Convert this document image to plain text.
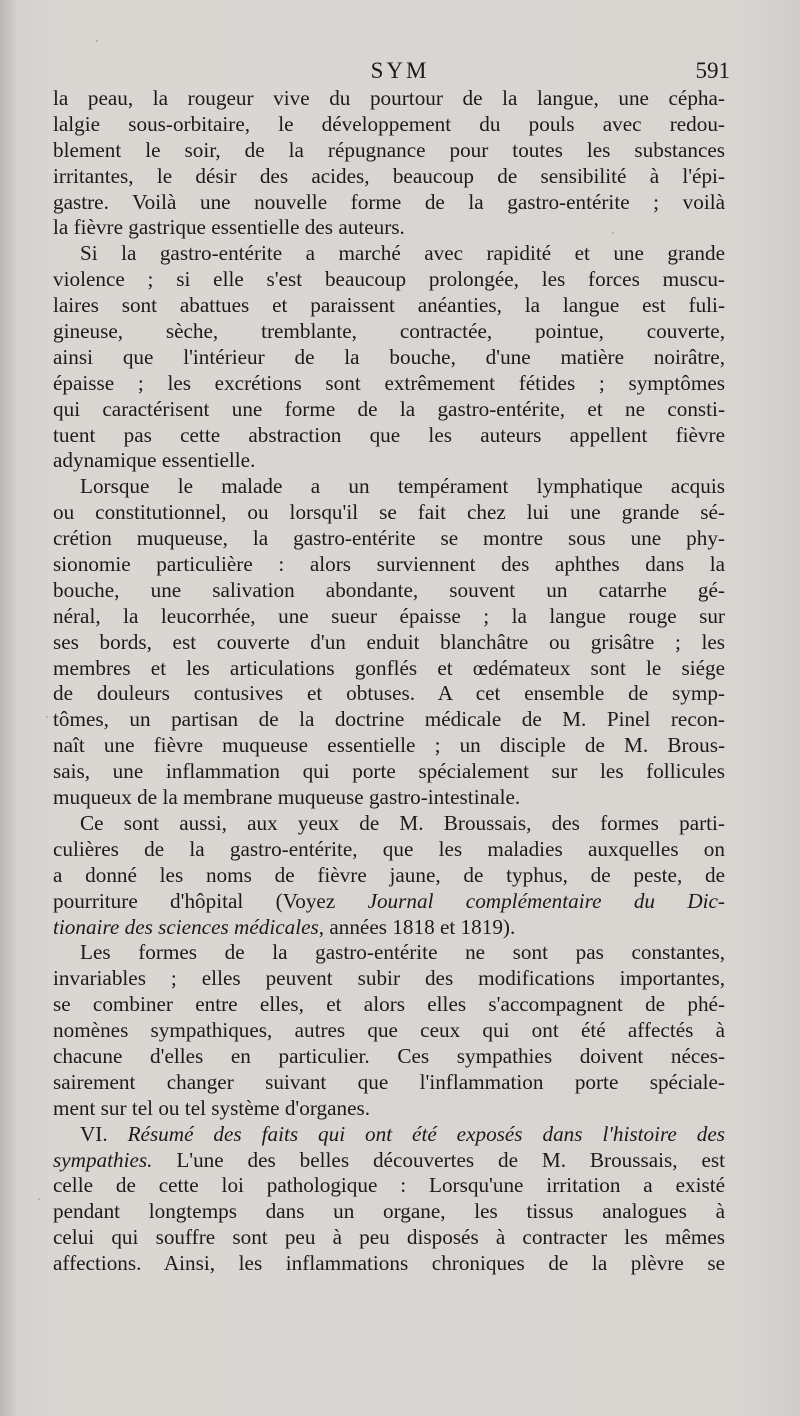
SYM	591
la peau, la rougeur vive du pourtour de la langue, une cépha-
lalgie sous-orbitaire, le développement du pouls avec redou-
blement le soir, de la répugnance pour toutes les substances
irritantes, le désir des acides, beaucoup de sensibilité à l'épi-
gastre. Voilà une nouvelle forme de la gastro-entérite ; voilà
la fièvre gastrique essentielle des auteurs.
Si la gastro-entérite a marché avec rapidité et une grande
violence ; si elle s'est beaucoup prolongée, les forces muscu-
laires sont abattues et paraissent anéanties, la langue est fuli-
gineuse, sèche, tremblante, contractée, pointue, couverte,
ainsi que l'intérieur de la bouche, d'une matière noirâtre,
épaisse ; les excrétions sont extrêmement fétides ; symptômes
qui caractérisent une forme de la gastro-entérite, et ne consti-
tuent pas cette abstraction que les auteurs appellent fièvre
adynamique essentielle.
Lorsque le malade a un tempérament lymphatique acquis
ou constitutionnel, ou lorsqu'il se fait chez lui une grande sé-
crétion muqueuse, la gastro-entérite se montre sous une phy-
sionomie particulière : alors surviennent des aphthes dans la
bouche, une salivation abondante, souvent un catarrhe gé-
néral, la leucorrhée, une sueur épaisse ; la langue rouge sur
ses bords, est couverte d'un enduit blanchâtre ou grisâtre ; les
membres et les articulations gonflés et œdémateux sont le siége
de douleurs contusives et obtuses. A cet ensemble de symp-
tômes, un partisan de la doctrine médicale de M. Pinel recon-
naît une fièvre muqueuse essentielle ; un disciple de M. Brous-
sais, une inflammation qui porte spécialement sur les follicules
muqueux de la membrane muqueuse gastro-intestinale.
Ce sont aussi, aux yeux de M. Broussais, des formes parti-
culières de la gastro-entérite, que les maladies auxquelles on
a donné les noms de fièvre jaune, de typhus, de peste, de
pourriture d'hôpital (Voyez Journal complémentaire du Dic-
tionaire des sciences médicales, années 1818 et 1819).
Les formes de la gastro-entérite ne sont pas constantes,
invariables ; elles peuvent subir des modifications importantes,
se combiner entre elles, et alors elles s'accompagnent de phé-
nomènes sympathiques, autres que ceux qui ont été affectés à
chacune d'elles en particulier. Ces sympathies doivent néces-
sairement changer suivant que l'inflammation porte spéciale-
ment sur tel ou tel système d'organes.
VI. Résumé des faits qui ont été exposés dans l'histoire des
sympathies. L'une des belles découvertes de M. Broussais, est
celle de cette loi pathologique : Lorsqu'une irritation a existé
pendant longtemps dans un organe, les tissus analogues à
celui qui souffre sont peu à peu disposés à contracter les mêmes
affections. Ainsi, les inflammations chroniques de la plèvre se
